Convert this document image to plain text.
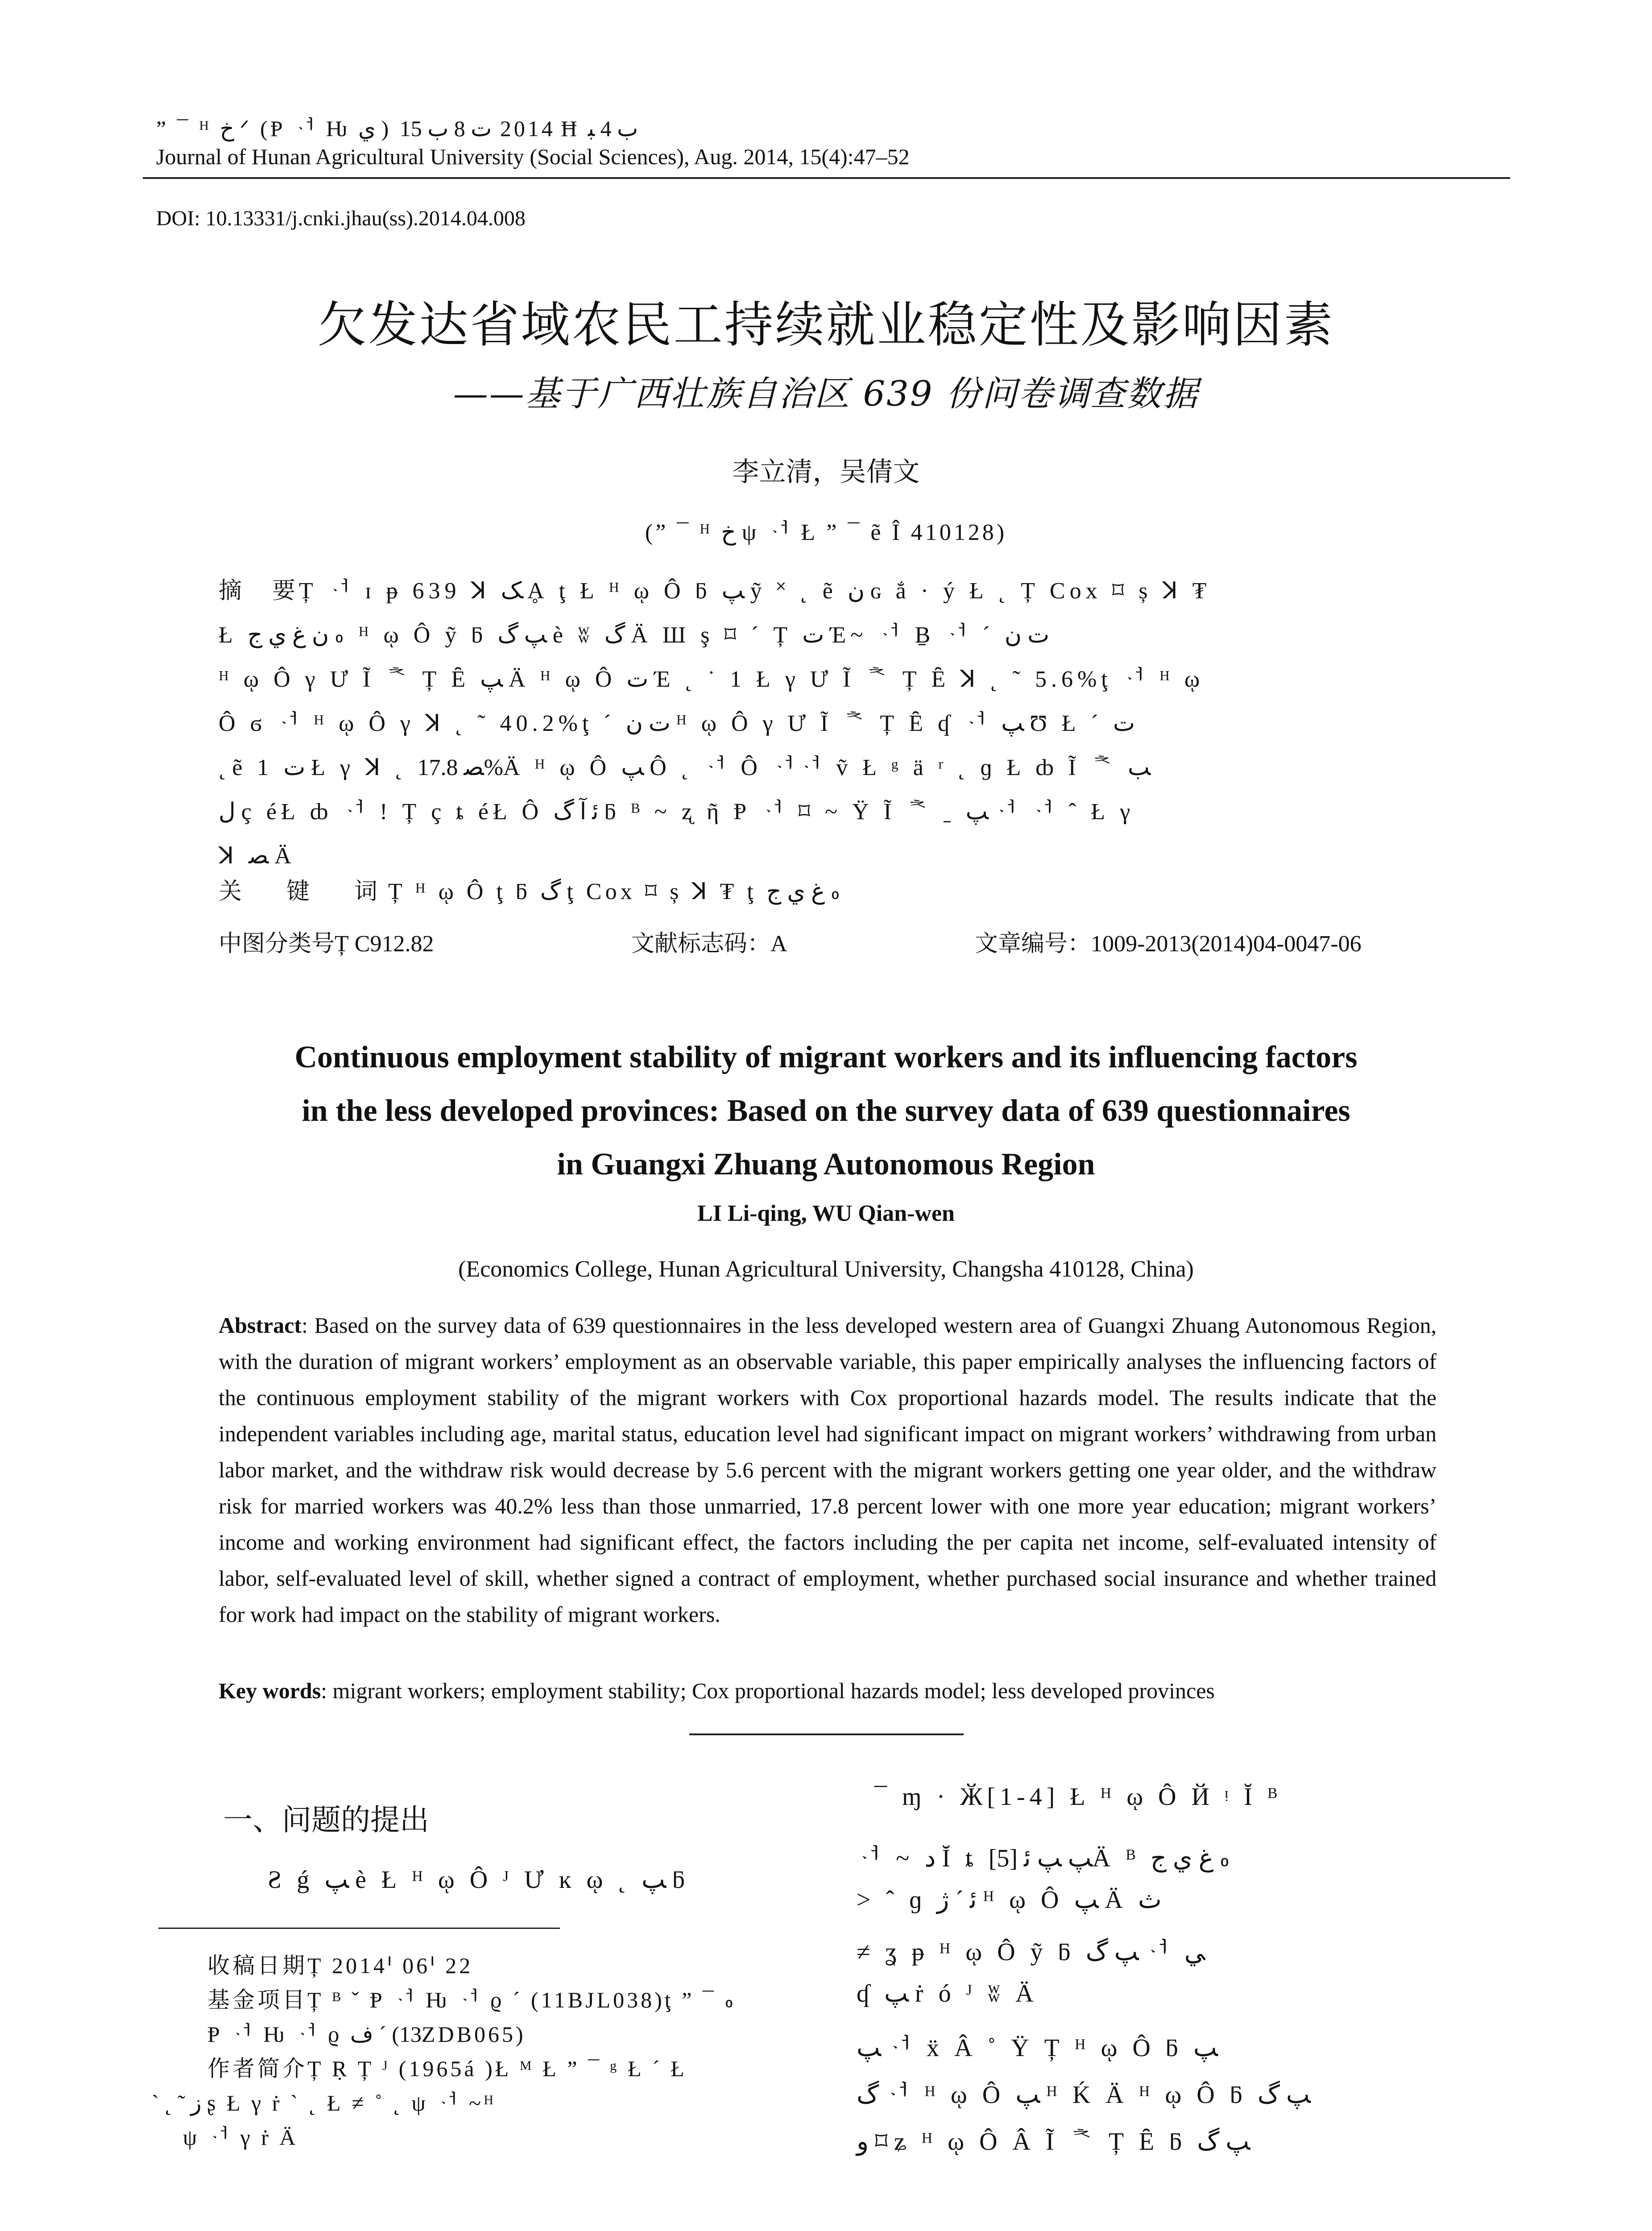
” ¯ ᴴ ﺥ ᐟ (Ᵽ ᆟ Ƕ ﻱ ) 2014 ت 8 ﺏ 15 Ħ ﺏ 4 ﺒ
Journal of Hunan Agricultural University (Social Sciences), Aug. 2014, 15(4):47–52
DOI: 10.13331/j.cnki.jhau(ss).2014.04.008
欠发达省域农民工持续就业稳定性及影响因素
——基于广西壮族自治区 639 份问卷调查数据
李立清，吴倩文
(” ¯ ᴴ ﺥ ψ ᆟ Ł ” ¯ ẽ Î 410128)
摘　要Ț ᆟ ɪ ᵽ 639 ꓘ ﮏ Ḁ ţ Ł ᴴ ῳ Ô ƃ ﭗ ỹ ˟ ˛ ẽ ﻥ ɢ ắ · ý Ł ˛ Ț Cox ⌑ ș ꓘ ₮
Ł ﻥ ﻍ ﻱ ﺝ ៰ ᴴ ῳ Ô ỹ ƃ ﭗ ﮒ è ʬ ﮒ Ä Ш ş ⌑ ´ Ț ت Έ~ ᆟ Ḇ ᆟ ´ ت ﻥ
ᴴ ῳ Ô γ Ư Ĩ ᅕ Ț Ȇ ﭗ Ä ᴴ ῳ Ô ت Έ ˛ ˙ 1 Ł γ Ư Ĩ ᅕ Ț Ȇ ꓘ ˛ ˜ 5.6%ţ ᆟ ᴴ ῳ
Ô ϭ ᆟ ᴴ ῳ Ô γ ꓘ ˛ ˜ 40.2%ţ ´ ت ﻥ ᴴ ῳ Ô γ Ư Ĩ ᅕ Ț Ȇ ʠ ᆟ ﭗ Ʊ Ł ´ ت
˛ ẽ 1 ت Ł γ ꓘ ˛ ﺼ 17.8%Ä ᴴ ῳ Ô ﭗ Ô ˛ ᆟ Ô ᆟᆟ ṽ Ł ᵍ ä ʳ ˛ ɡ Ł ȸ Ĩ ᅕ ﺐ
ﻝ ç éŁ ȸ ᆟ ! Ț ç ȶ éŁ Ô ﺋ ﺁ ﮒ ƃ ᴮ ~ ʐ ῆ Ᵽ ᆟ ⌑ ~ Ÿ Ĩ ᅕ ˍ ﭗ ᆟ ᆟ ˆ Ł γ
ꓘ ﺼ Ä
关　键　词Ț ᴴ ῳ Ô ţ ƃ ﮒ ţ Cox ⌑ ș ꓘ ₮ ţ ﻍ ﻱ ﺝ ៰
中图分类号Ț C912.82	文献标志码：A	文章编号：1009-2013(2014)04-0047-06
Continuous employment stability of migrant workers and its influencing factors
in the less developed provinces: Based on the survey data of 639 questionnaires
in Guangxi Zhuang Autonomous Region
LI Li-qing, WU Qian-wen
(Economics College, Hunan Agricultural University, Changsha 410128, China)
Abstract: Based on the survey data of 639 questionnaires in the less developed western area of Guangxi Zhuang Autonomous Region, with the duration of migrant workers’ employment as an observable variable, this paper empirically analyses the influencing factors of the continuous employment stability of the migrant workers with Cox proportional hazards model. The results indicate that the independent variables including age, marital status, education level had significant impact on migrant workers’ withdrawing from urban labor market, and the withdraw risk would decrease by 5.6 percent with the migrant workers getting one year older, and the withdraw risk for married workers was 40.2% less than those unmarried, 17.8 percent lower with one more year education; migrant workers’ income and working environment had significant effect, the factors including the per capita net income, self-evaluated intensity of labor, self-evaluated level of skill, whether signed a contract of employment, whether purchased social insurance and whether trained for work had impact on the stability of migrant workers.
Key words: migrant workers; employment stability; Cox proportional hazards model; less developed provinces
一、问题的提出
Ƨ ǵ ﭗ è Ł ᴴ ῳ Ô ᴶ Ư ĸ ῳ ˛ ﭗ ƃ
收稿日期Ț 2014ᑊ 06ᑊ 22
基金项目Ț ᴮ ˇ Ᵽ ᆟ Ƕ ᆟ ϱ ´ (11BJL038)ţ ” ¯ ៰
Ᵽ ᆟ Ƕ ᆟ ϱ ﻑ ´ (13ZDB065)
作者简介Ț Ṛ Ț ᴶ (1965á )Ł ᴹ Ł ” ¯ ᵍ Ł ´ Ł
` ˛ ˜ ﺯ ʂ Ł γ ṙ ` ˛ Ł ≠ ˚ ˛ ψ ᆟ ~ᴴ
ψ ᆟ γ ṙ Ä
¯ ɱ · Ӂ[1-4] Ł ᴴ ῳ Ô Й ᵎ Ĭ ᴮ
ᆟ ~ ﺩ Ĭ ȶ ﭗ ﭗ ﺋ [5]Ä ᴮ ﻍ ﻱ ﺝ ៰
> ˆ ɡ ﺋ ´ ﮊ ᴴ ῳ Ô ﭗ Ä ﺙ
≠ ʓ ᵽ ᴴ ῳ Ô ỹ ƃ ﭗ ﮒ ᆟ ﻲ
ʠ ﭗ ṙ ó ᴶ ʬ Ä
ﭗ ᆟ ẍ Â ˚ Ÿ Ț ᴴ ῳ Ô ƃ ﭗ
ﮒ ᆟ ᴴ ῳ Ô ﭗ ᴴ Ḱ Ä ᴴ ῳ Ô ƃ ﭗ ﮒ
ﻭ ⌑ ʑ ᴴ ῳ Ô Â Ĩ ᅕ Ț Ȇ ƃ ﭗ ﮒ
